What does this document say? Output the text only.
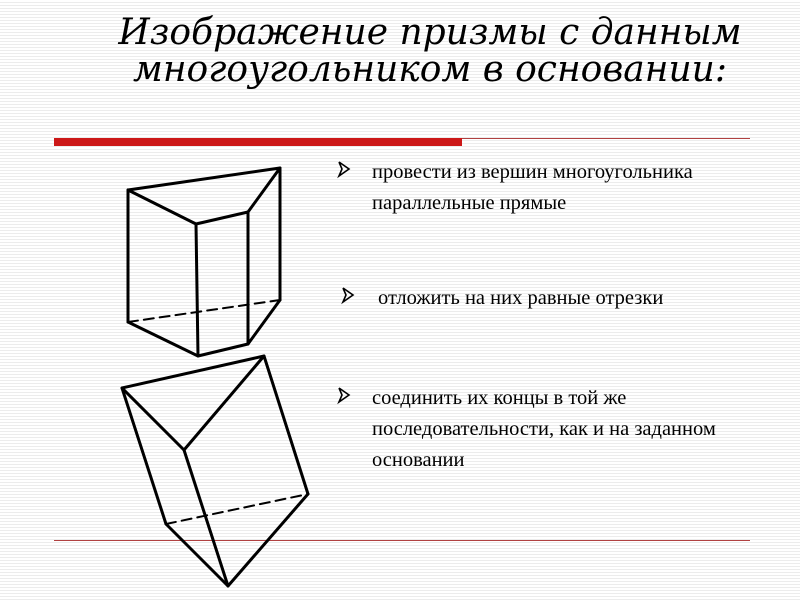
Изображение призмы с данным
многоугольником в основании:
провести из вершин многоугольника параллельные прямые
отложить на них равные отрезки
соединить их концы в той же последовательности, как и на заданном основании
